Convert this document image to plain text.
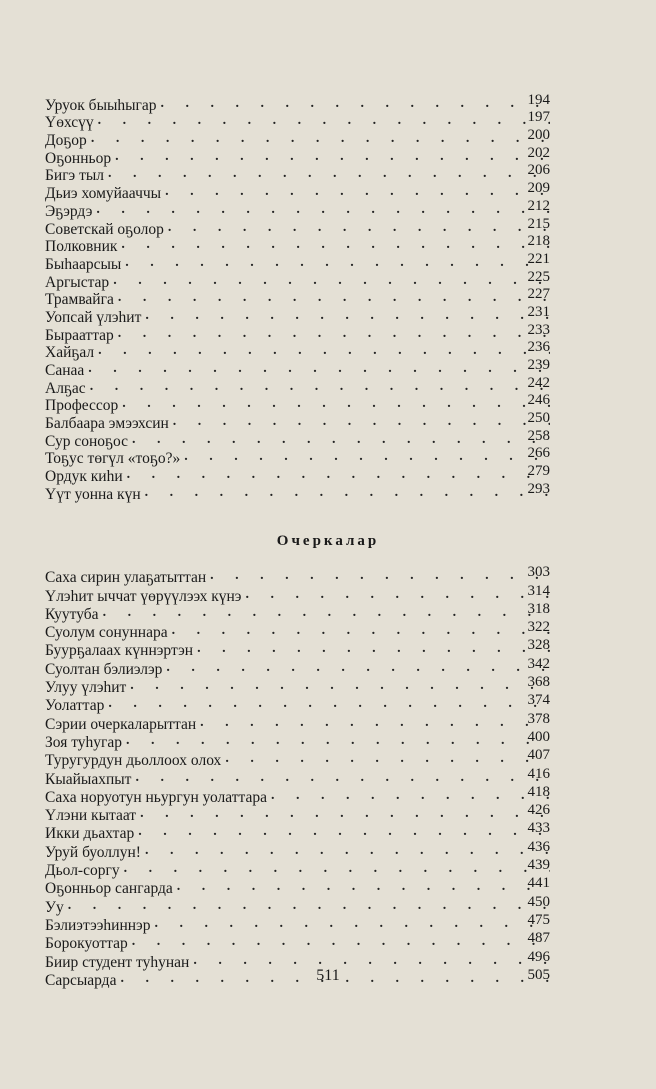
Уруок быыһыгар . . .	194
Үөхсүү . . .	197
Доҕор . . .	200
Оҕонньор . . .	202
Бигэ тыл . . .	206
Дьиэ хомуйааччы . . .	209
Эҕэрдэ . . .	212
Советскай оҕолор . . .	215
Полковник . . .	218
Быһаарсыы . . .	221
Аргыстар . . .	225
Трамвайга . . .	227
Уопсай үлэһит . . .	231
Бырааттар . . .	233
Хайҕал . . .	236
Санаа . . .	239
Алҕас . . .	242
Профессор . . .	246
Балбаара эмээхсин . . .	250
Сур соноҕос . . .	258
Тоҕус төгүл «тоҕо?» . . .	266
Ордук киһи . . .	279
Үүт уонна күн . . .	293
Очеркалар
Саха сирин улаҕатыттан . . .	303
Үлэһит ыччат үөрүүлээх күнэ . . .	314
Куутуба . . .	318
Суолум сонуннара . . .	322
Буурҕалаах күннэртэн . . .	328
Суолтан бэлиэлэр . . .	342
Улуу үлэһит . . .	368
Уолаттар . . .	374
Сэрии очеркаларыттан . . .	378
Зоя туһугар . . .	400
Туругурдун дьоллоох олох . . .	407
Кыайыахпыт . . .	416
Саха норуотун ньургун уолаттара . . .	418
Үлэни кытаат . . .	426
Икки дьахтар . . .	433
Уруй буоллун! . . .	436
Дьол-соргу . . .	439
Оҕонньор сангарда . . .	441
Уу . . .	450
Бэлиэтээһиннэр . . .	475
Борокуоттар . . .	487
Биир студент туһунан . . .	496
Сарсыарда . . .	505
511
